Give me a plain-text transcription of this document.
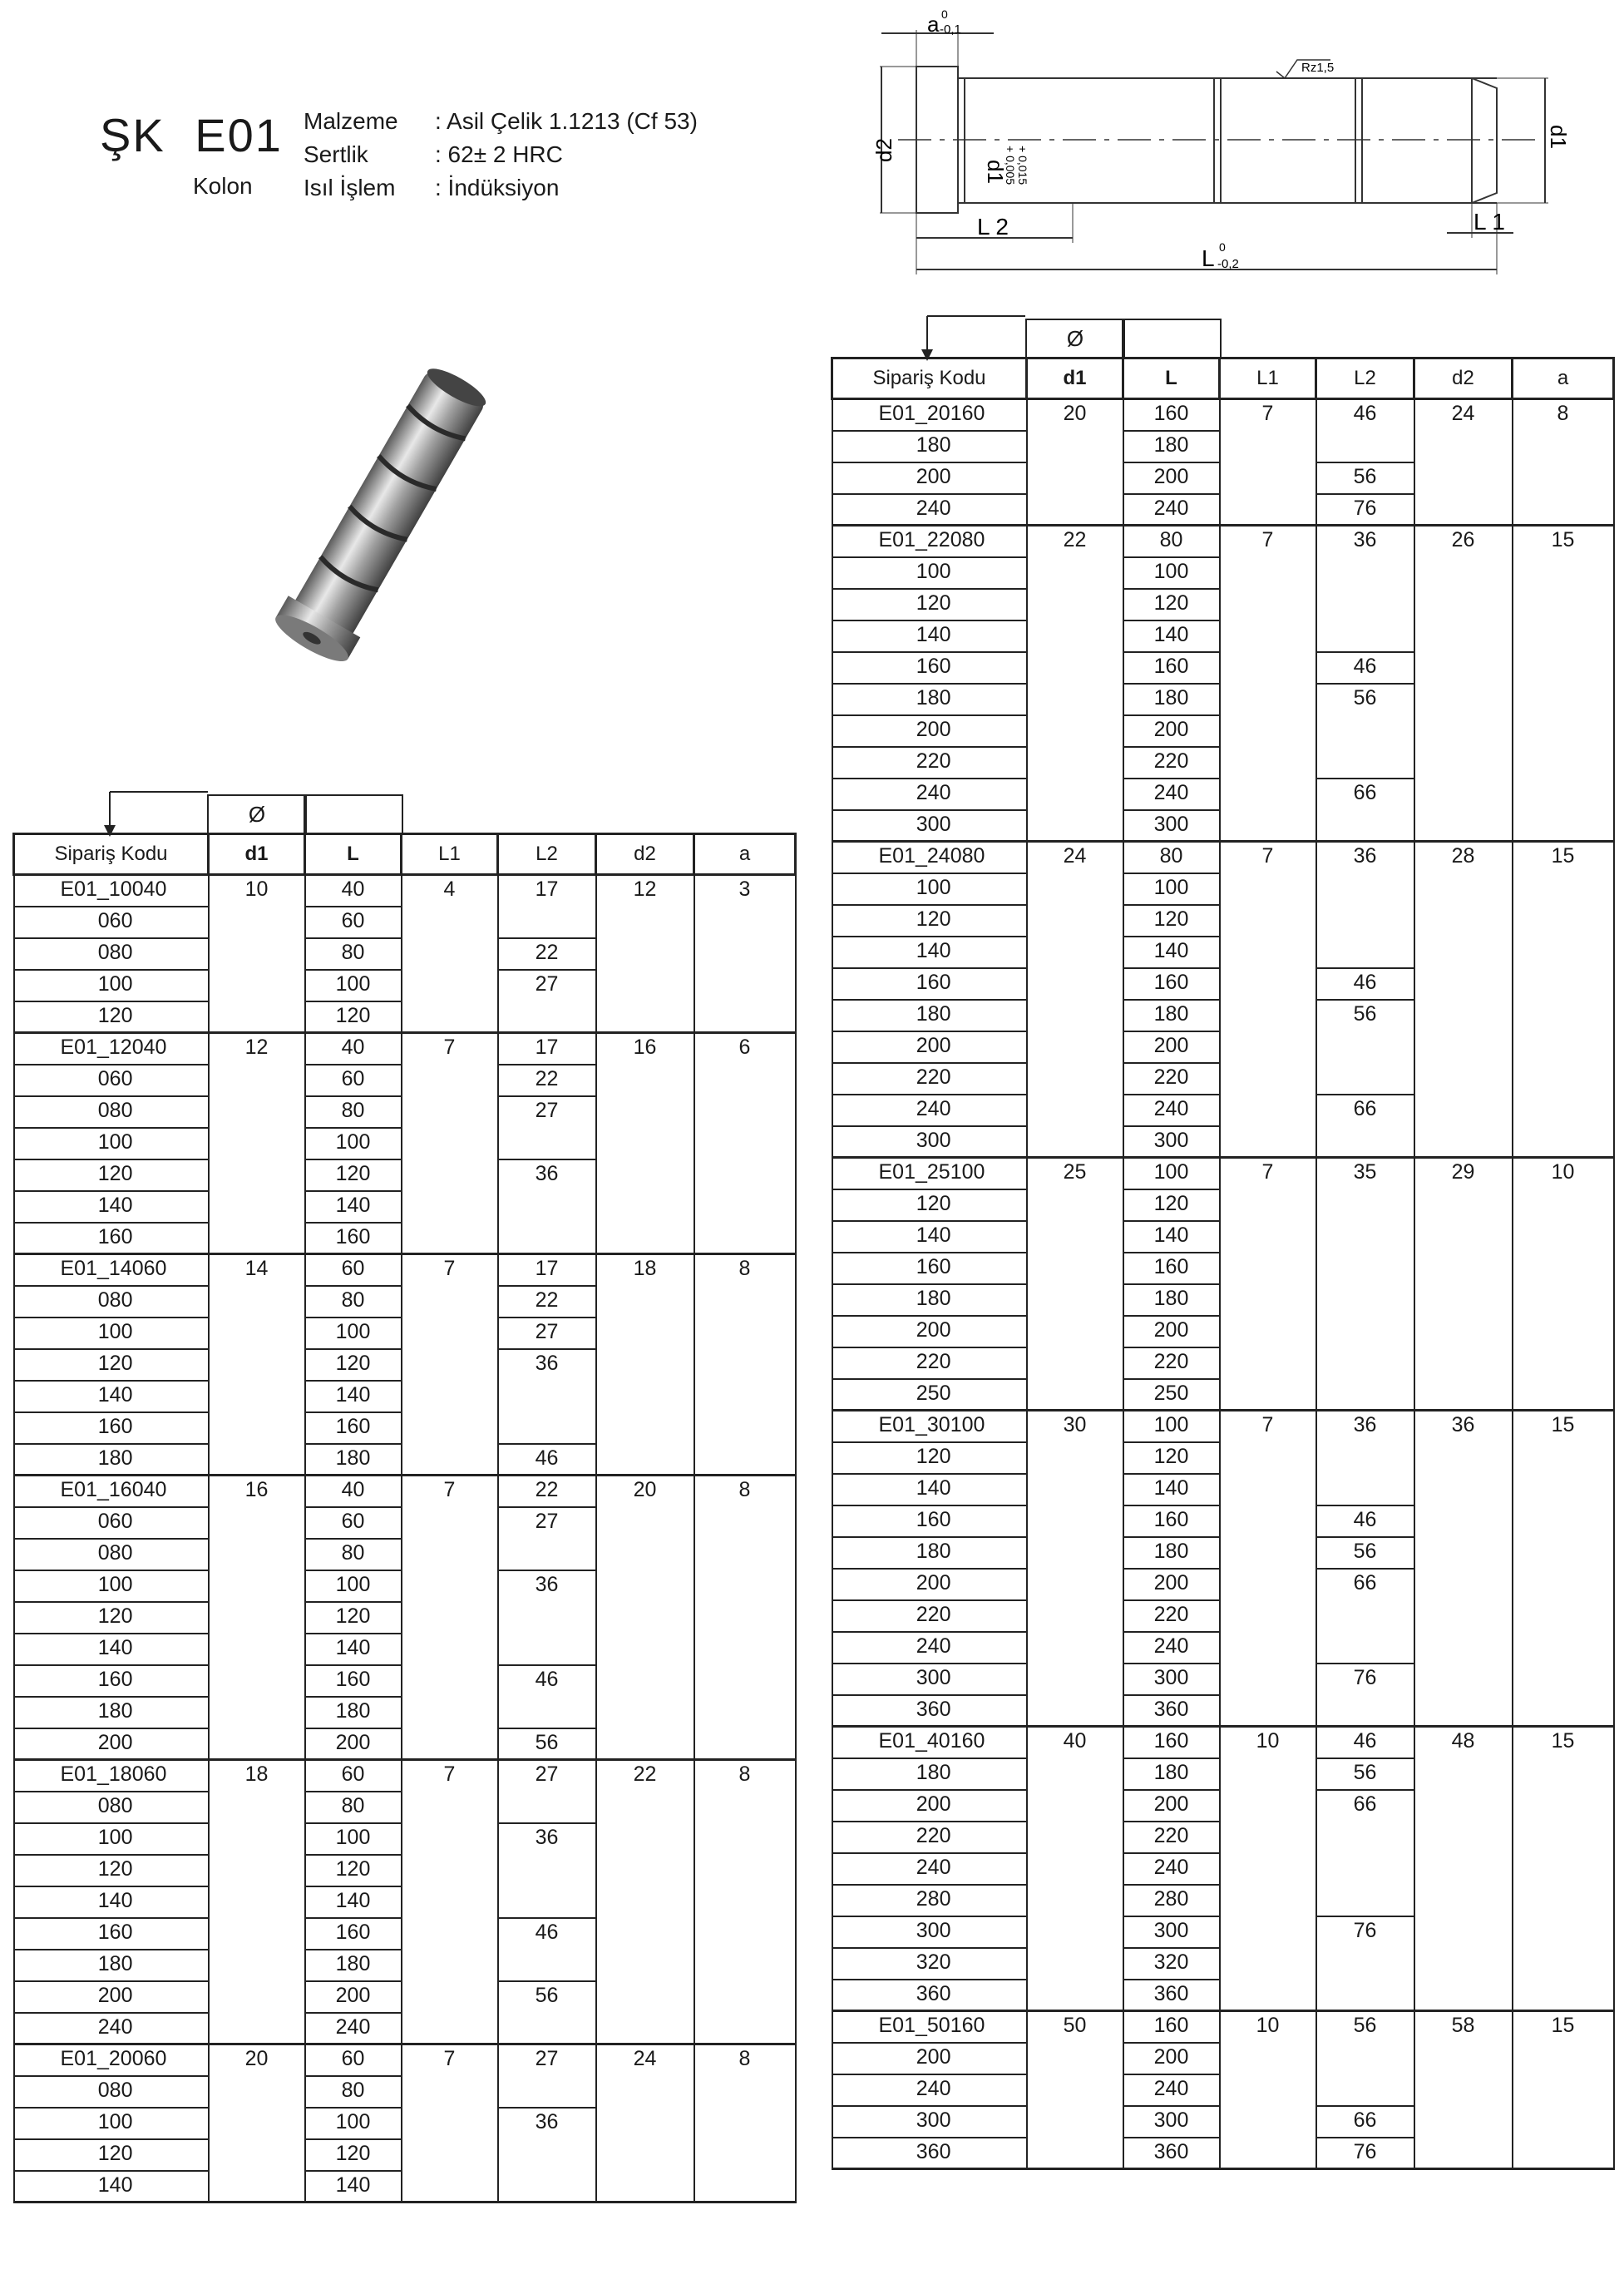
ŞK E01
Kolon
Malzeme : Asil Çelik 1.1213 (Cf 53)
Sertlik	: 62± 2 HRC
Isıl İşlem : İndüksiyon
a 0
-0,1
Rz1,5
d2
d1
+ 0,005 + 0,015
d1
L 2	L 1
L 0
-0,2
Ø
Sipariş Kodu	d1	L	L1	L2	d2	a
E01_10040	10	40	4	17	12	3
060		60				
080		80		22		
100		100		27		
120		120				
E01_12040	12	40	7	17	16	6
060		60		22		
080		80		27		
100		100				
120		120		36		
140		140				
160		160				
E01_14060	14	60	7	17	18	8
080		80		22		
100		100		27		
120		120		36		
140		140				
160		160				
180		180		46		
E01_16040	16	40	7	22	20	8
060		60		27		
080		80				
100		100		36		
120		120				
140		140				
160		160		46		
180		180				
200		200		56		
E01_18060	18	60	7	27	22	8
080		80				
100		100		36		
120		120				
140		140				
160		160		46		
180		180				
200		200		56		
240		240				
E01_20060	20	60	7	27	24	8
080		80				
100		100		36		
120		120				
140		140				
Ø
Sipariş Kodu	d1	L	L1	L2	d2	a
E01_20160	20	160	7	46	24	8
180		180				
200		200		56		
240		240		76		
E01_22080	22	80	7	36	26	15
100		100				
120		120				
140		140				
160		160		46		
180		180		56		
200		200				
220		220				
240		240		66		
300		300				
E01_24080	24	80	7	36	28	15
100		100				
120		120				
140		140				
160		160		46		
180		180		56		
200		200				
220		220				
240		240		66		
300		300				
E01_25100	25	100	7	35	29	10
120		120				
140		140				
160		160				
180		180				
200		200				
220		220				
250		250				
E01_30100	30	100	7	36	36	15
120		120				
140		140				
160		160		46		
180		180		56		
200		200		66		
220		220				
240		240				
300		300		76		
360		360				
E01_40160	40	160	10	46	48	15
180		180		56		
200		200		66		
220		220				
240		240				
280		280				
300		300		76		
320		320				
360		360				
E01_50160	50	160	10	56	58	15
200		200				
240		240				
300		300		66		
360		360		76		
